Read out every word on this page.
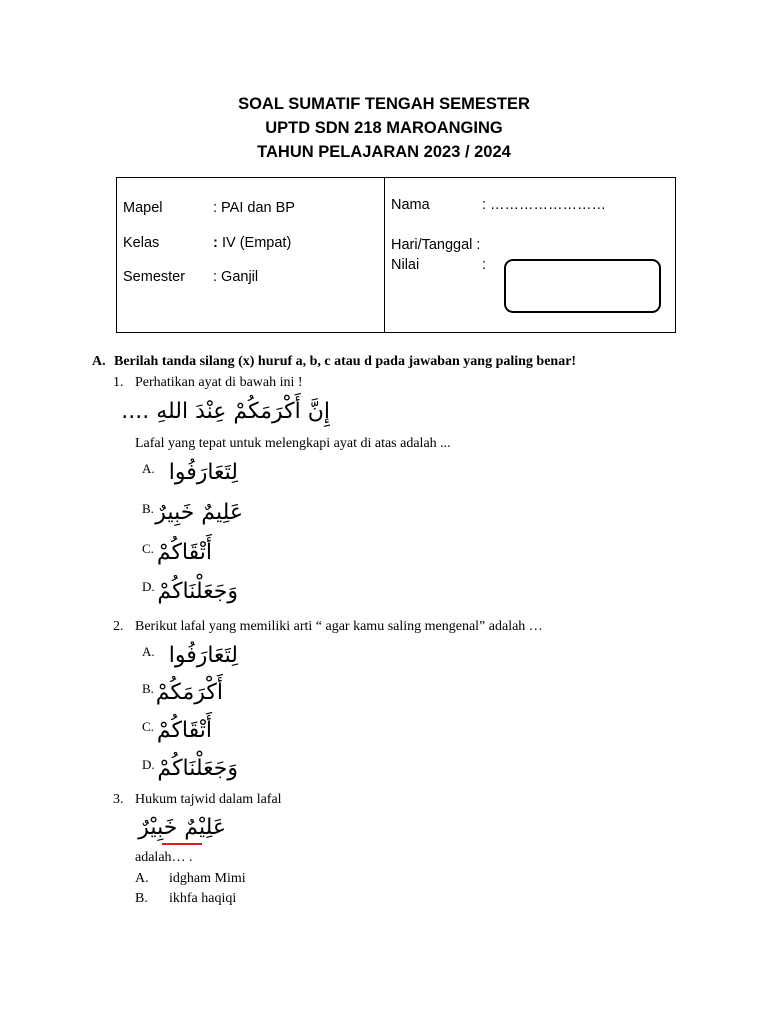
SOAL SUMATIF TENGAH SEMESTER
UPTD SDN 218 MAROANGING
TAHUN PELAJARAN 2023 / 2024
Mapel	: PAI dan BP
Kelas	: IV (Empat)
Semester : Ganjil
Nama	: ……………………
Hari/Tanggal :
Nilai	:
A. Berilah tanda silang (x) huruf a, b, c atau d pada jawaban yang paling benar!
1. Perhatikan ayat di bawah ini !
إِنَّ أَكْرَمَكُمْ عِنْدَ اللهِ ....
Lafal yang tepat untuk melengkapi ayat di atas adalah ...
A. لِتَعَارَفُوا
B. عَلِيمٌ خَبِيرٌ
C. أَتْقَاكُمْ
D. وَجَعَلْنَاكُمْ
2. Berikut lafal yang memiliki arti “ agar kamu saling mengenal” adalah …
A. لِتَعَارَفُوا
B. أَكْرَمَكُمْ
C. أَتْقَاكُمْ
D. وَجَعَلْنَاكُمْ
3. Hukum tajwid dalam lafal
عَلِيْمٌ خَبِيْرٌ
adalah… .
A. idgham Mimi
B. ikhfa haqiqi
